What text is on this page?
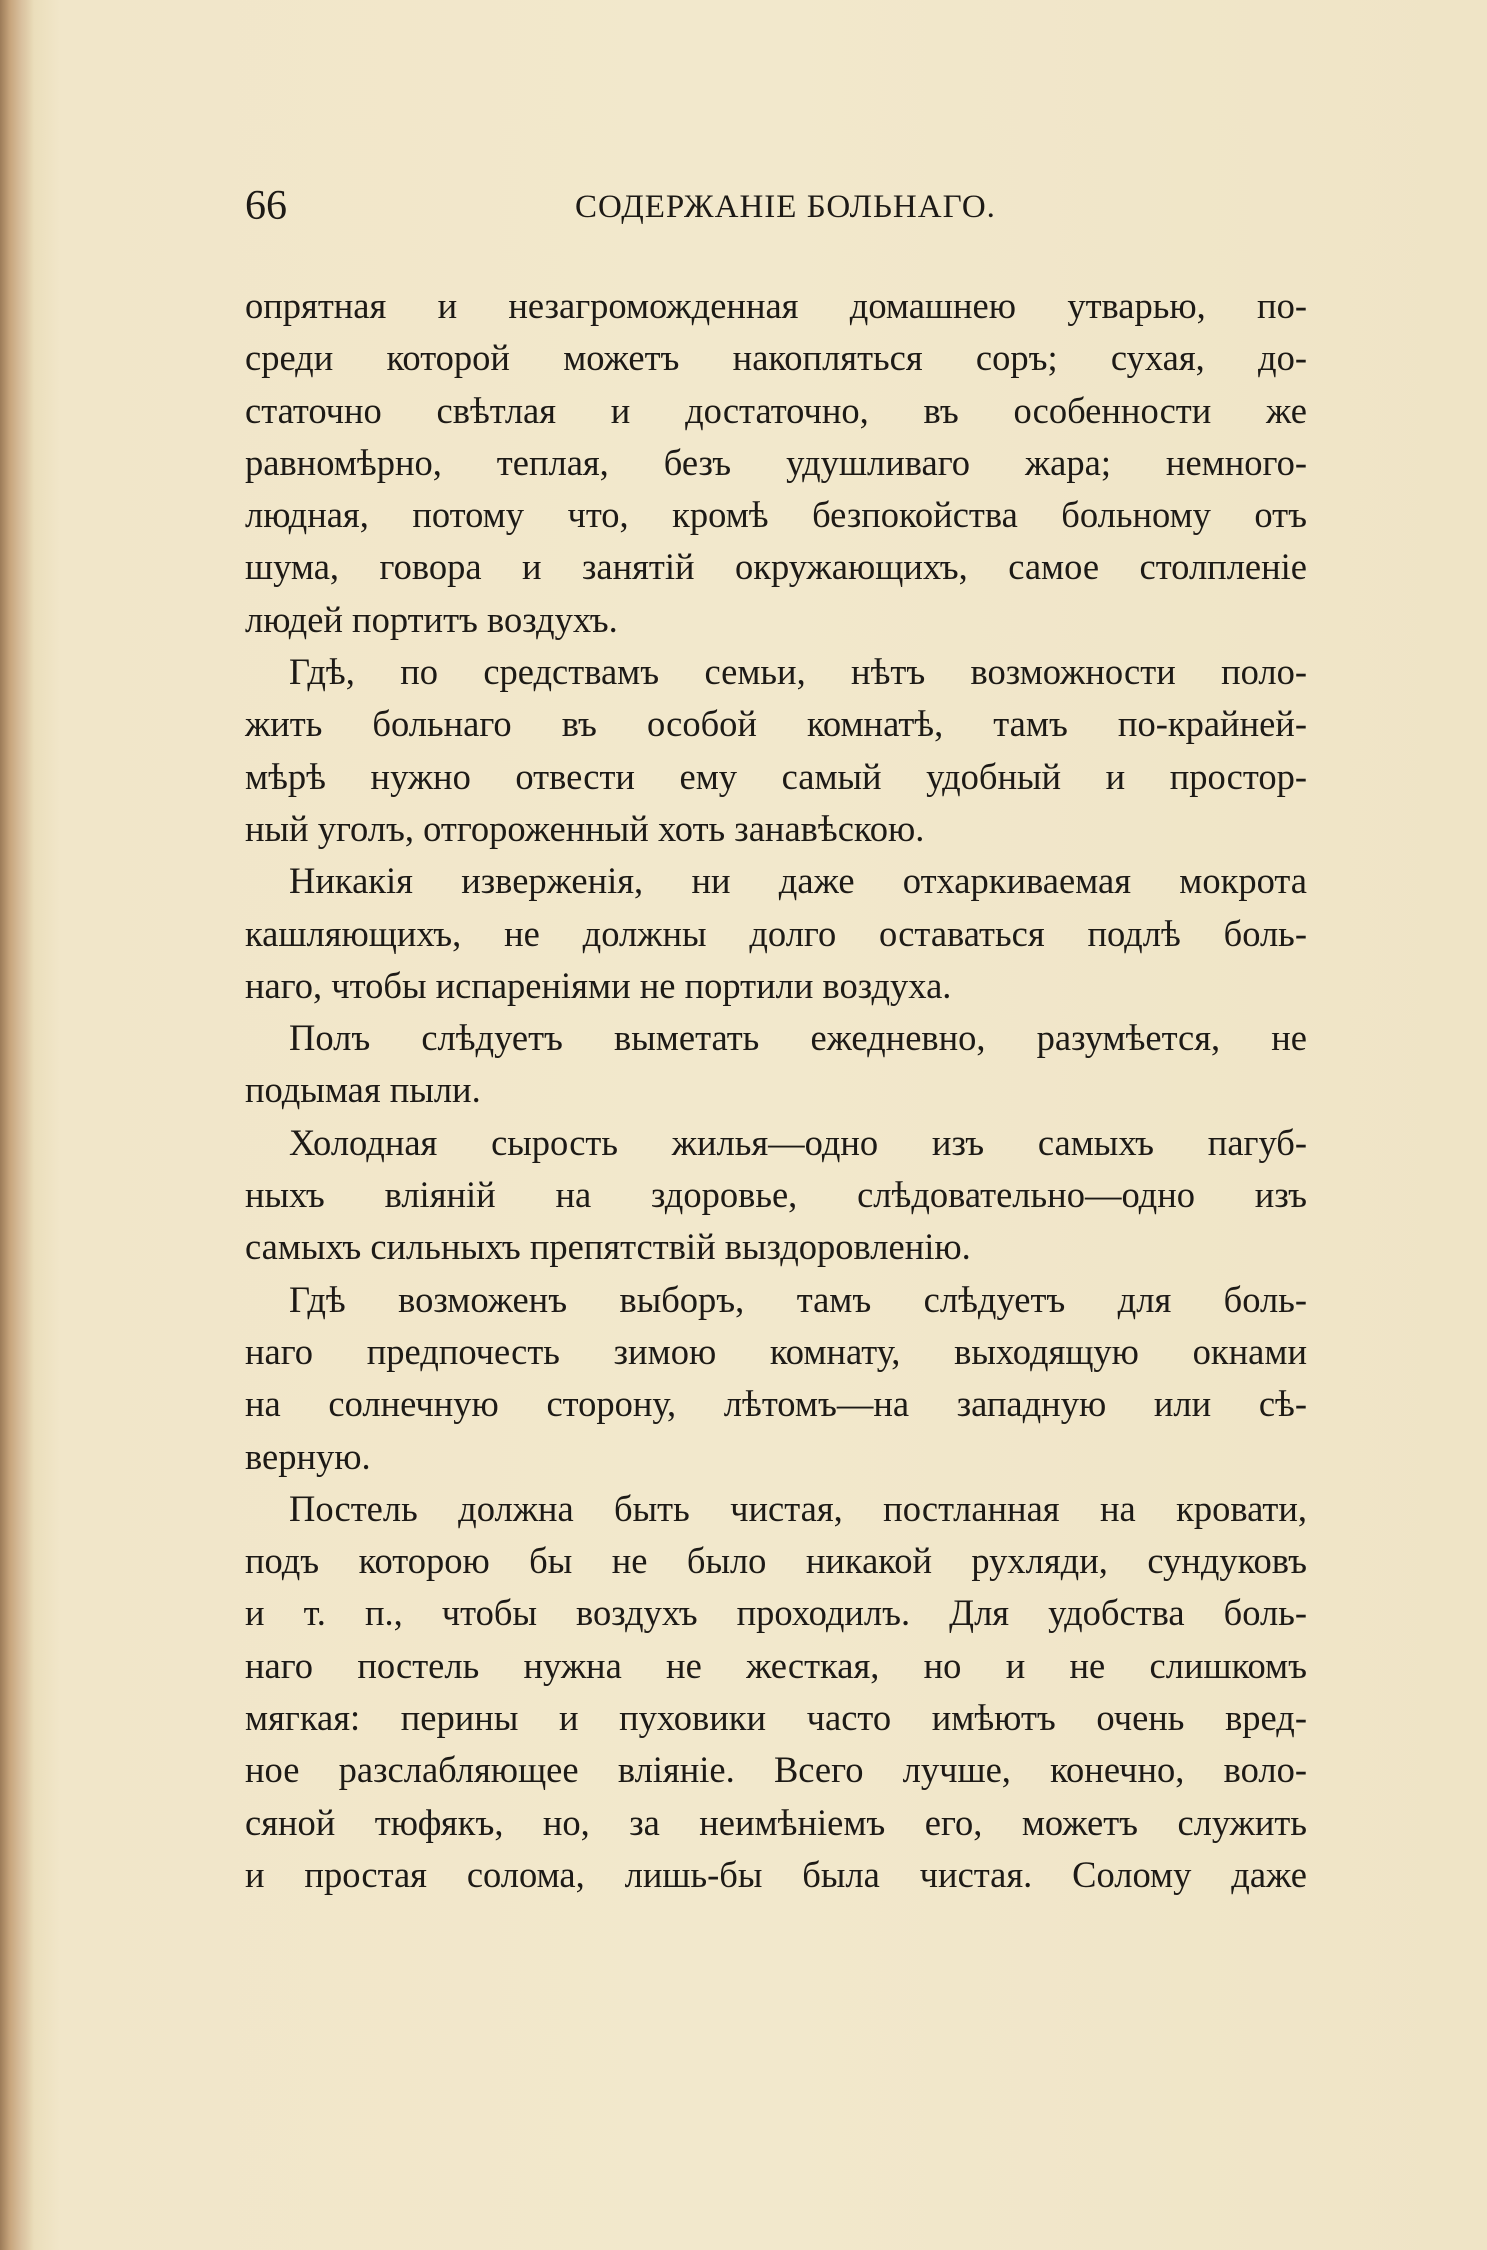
66	СОДЕРЖАНІЕ БОЛЬНАГО.
опрятная и незагроможденная домашнею утварью, по-
среди которой можетъ накопляться соръ; сухая, до-
статочно свѣтлая и достаточно, въ особенности же
равномѣрно, теплая, безъ удушливаго жара; немного-
людная, потому что, кромѣ безпокойства больному отъ
шума, говора и занятій окружающихъ, самое столпленіе
людей портитъ воздухъ.
Гдѣ, по средствамъ семьи, нѣтъ возможности поло-
жить больнаго въ особой комнатѣ, тамъ по-крайней-
мѣрѣ нужно отвести ему самый удобный и простор-
ный уголъ, отгороженный хоть занавѣскою.
Никакія изверженія, ни даже отхаркиваемая мокрота
кашляющихъ, не должны долго оставаться подлѣ боль-
наго, чтобы испареніями не портили воздуха.
Полъ слѣдуетъ выметать ежедневно, разумѣется, не
подымая пыли.
Холодная сырость жилья—одно изъ самыхъ пагуб-
ныхъ вліяній на здоровье, слѣдовательно—одно изъ
самыхъ сильныхъ препятствій выздоровленію.
Гдѣ возможенъ выборъ, тамъ слѣдуетъ для боль-
наго предпочесть зимою комнату, выходящую окнами
на солнечную сторону, лѣтомъ—на западную или сѣ-
верную.
Постель должна быть чистая, постланная на кровати,
подъ которою бы не было никакой рухляди, сундуковъ
и т. п., чтобы воздухъ проходилъ. Для удобства боль-
наго постель нужна не жесткая, но и не слишкомъ
мягкая: перины и пуховики часто имѣютъ очень вред-
ное разслабляющее вліяніе. Всего лучше, конечно, воло-
сяной тюфякъ, но, за неимѣніемъ его, можетъ служить
и простая солома, лишь-бы была чистая. Солому даже
